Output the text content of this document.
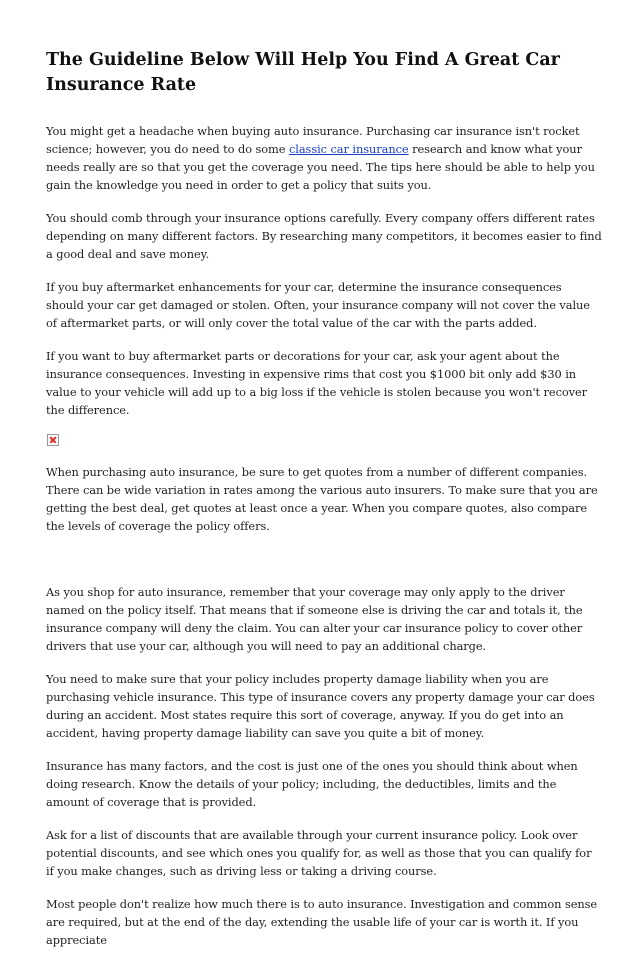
The Guideline Below Will Help You Find A Great Car Insurance Rate

You might get a headache when buying auto insurance. Purchasing car insurance isn't rocket science; however, you do need to do some classic car insurance research and know what your needs really are so that you get the coverage you need. The tips here should be able to help you gain the knowledge you need in order to get a policy that suits you.

You should comb through your insurance options carefully. Every company offers different rates depending on many different factors. By researching many competitors, it becomes easier to find a good deal and save money.

If you buy aftermarket enhancements for your car, determine the insurance consequences should your car get damaged or stolen. Often, your insurance company will not cover the value of aftermarket parts, or will only cover the total value of the car with the parts added.

If you want to buy aftermarket parts or decorations for your car, ask your agent about the insurance consequences. Investing in expensive rims that cost you $1000 bit only add $30 in value to your vehicle will add up to a big loss if the vehicle is stolen because you won't recover the difference.

When purchasing auto insurance, be sure to get quotes from a number of different companies. There can be wide variation in rates among the various auto insurers. To make sure that you are getting the best deal, get quotes at least once a year. When you compare quotes, also compare the levels of coverage the policy offers.

As you shop for auto insurance, remember that your coverage may only apply to the driver named on the policy itself. That means that if someone else is driving the car and totals it, the insurance company will deny the claim. You can alter your car insurance policy to cover other drivers that use your car, although you will need to pay an additional charge.

You need to make sure that your policy includes property damage liability when you are purchasing vehicle insurance. This type of insurance covers any property damage your car does during an accident. Most states require this sort of coverage, anyway. If you do get into an accident, having property damage liability can save you quite a bit of money.

Insurance has many factors, and the cost is just one of the ones you should think about when doing research. Know the details of your policy; including, the deductibles, limits and the amount of coverage that is provided.

Ask for a list of discounts that are available through your current insurance policy. Look over potential discounts, and see which ones you qualify for, as well as those that you can qualify for if you make changes, such as driving less or taking a driving course.

Most people don't realize how much there is to auto insurance. Investigation and common sense are required, but at the end of the day, extending the usable life of your car is worth it. If you appreciate
